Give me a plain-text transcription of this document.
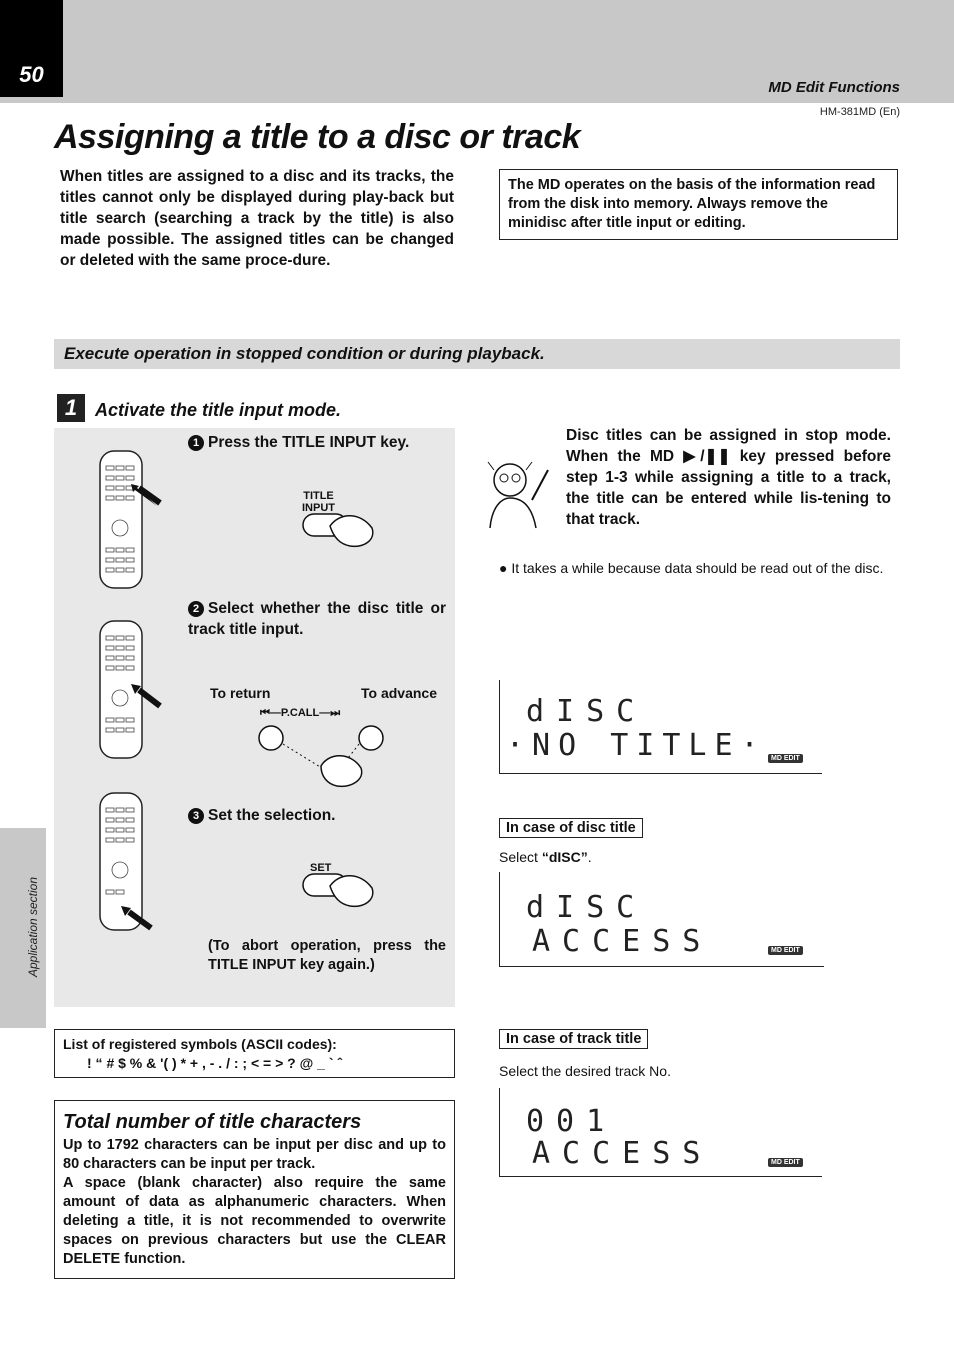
50
MD Edit Functions
HM-381MD (En)
Assigning a title to a disc or track
When titles are assigned to a disc and its tracks, the titles cannot only be displayed during play-back but title search (searching a track by the title) is also made possible. The assigned titles can be changed or deleted with the same proce-dure.
The MD operates on the basis of the information read from the disk into memory. Always remove the minidisc after title input or editing.
Execute operation in stopped condition or during playback.
1 Activate the title input mode.
Application section
1 Press the TITLE INPUT key.
TITLE
INPUT
2 Select whether the disc title or track title input.
To return	To advance
⏮—P.CALL—⏭
3 Set the selection.
SET
(To abort operation, press the TITLE INPUT key again.)
Disc titles can be assigned in stop mode. When the MD ▶/❚❚ key pressed before step 1-3 while assigning a title to a track, the title can be entered while lis-tening to that track.
● It takes a while because data should be read out of the disc.
dISC
·NO TITLE· MD EDIT
In case of disc title
Select “dISC”.
dISC
ACCESS	MD EDIT
In case of track title
Select the desired track No.
001
ACCESS	MD EDIT
List of registered symbols (ASCII codes):
! “ # $ % & '( ) * + , - . / : ; < = > ? @ _ ` ˆ
Total number of title characters
Up to 1792 characters can be input per disc and up to 80 characters can be input per track.
A space (blank character) also require the same amount of data as alphanumeric characters. When deleting a title, it is not recommended to overwrite spaces on previous characters but use the CLEAR DELETE function.
